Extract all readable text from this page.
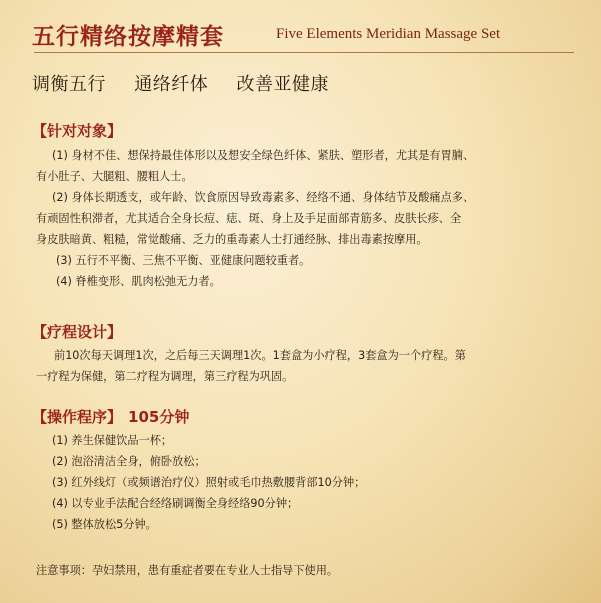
五行精络按摩精套	Five Elements Meridian Massage Set
调衡五行 通络纤体 改善亚健康
【针对对象】
(1) 身材不佳、想保持最佳体形以及想安全绿色纤体、紧肤、塑形者，尤其是有胃腩、
有小肚子、大腿粗、腰粗人士。
(2) 身体长期透支，或年龄、饮食原因导致毒素多、经络不通、身体结节及酸痛点多、
有顽固性积滞者，尤其适合全身长痘、痣、斑、身上及手足面部青筋多、皮肤长疹、全
身皮肤暗黄、粗糙，常觉酸痛、乏力的重毒素人士打通经脉、排出毒素按摩用。
(3) 五行不平衡、三焦不平衡、亚健康问题较重者。
(4) 脊椎变形、肌肉松弛无力者。
【疗程设计】
前10次每天调理1次，之后每三天调理1次。1套盒为小疗程，3套盒为一个疗程。第
一疗程为保健，第二疗程为调理，第三疗程为巩固。
【操作程序】 105分钟
(1) 养生保健饮品一杯；
(2) 泡浴清洁全身，俯卧放松；
(3) 红外线灯（或频谱治疗仪）照射或毛巾热敷腰背部10分钟；
(4) 以专业手法配合经络刷调衡全身经络90分钟；
(5) 整体放松5分钟。
注意事项：孕妇禁用，患有重症者要在专业人士指导下使用。
